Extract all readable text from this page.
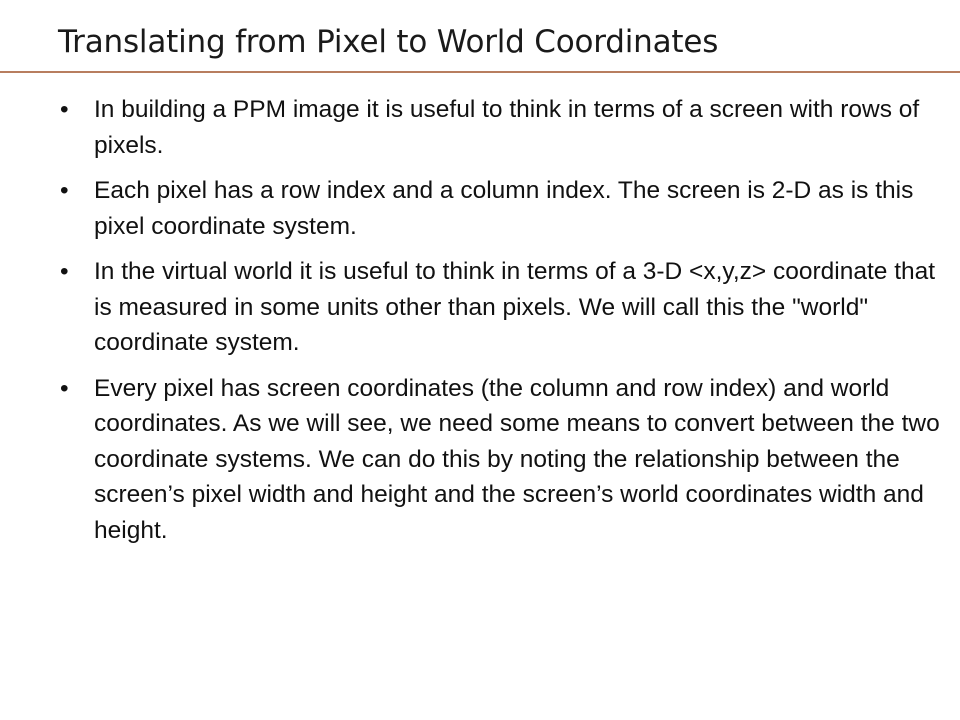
Translating from Pixel to World Coordinates
• In building a PPM image it is useful to think in terms of a screen with rows of pixels.
• Each pixel has a row index and a column index. The screen is 2-D as is this pixel coordinate system.
• In the virtual world it is useful to think in terms of a 3-D <x,y,z> coordinate that is measured in some units other than pixels. We will call this the "world" coordinate system.
• Every pixel has screen coordinates (the column and row index) and world coordinates. As we will see, we need some means to convert between the two coordinate systems. We can do this by noting the relationship between the screen’s pixel width and height and the screen’s world coordinates width and height.
